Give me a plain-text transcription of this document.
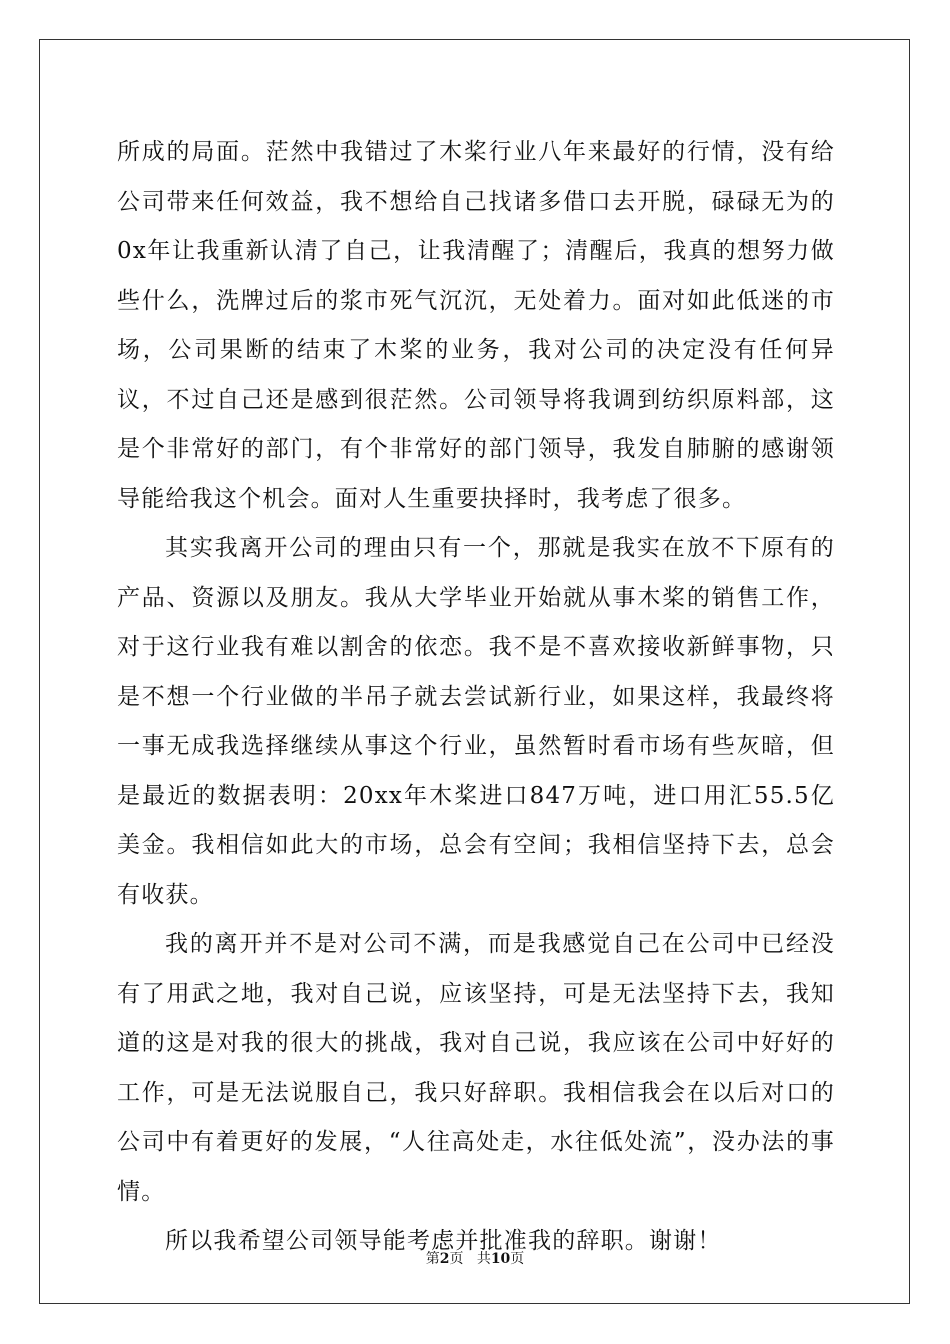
所成的局面。茫然中我错过了木桨行业八年来最好的行情，没有给公司带来任何效益，我不想给自己找诸多借口去开脱，碌碌无为的0x年让我重新认清了自己，让我清醒了；清醒后，我真的想努力做些什么，洗牌过后的浆市死气沉沉，无处着力。面对如此低迷的市场，公司果断的结束了木桨的业务，我对公司的决定没有任何异议，不过自己还是感到很茫然。公司领导将我调到纺织原料部，这是个非常好的部门，有个非常好的部门领导，我发自肺腑的感谢领导能给我这个机会。面对人生重要抉择时，我考虑了很多。

其实我离开公司的理由只有一个，那就是我实在放不下原有的产品、资源以及朋友。我从大学毕业开始就从事木桨的销售工作，对于这行业我有难以割舍的依恋。我不是不喜欢接收新鲜事物，只是不想一个行业做的半吊子就去尝试新行业，如果这样，我最终将一事无成我选择继续从事这个行业，虽然暂时看市场有些灰暗，但是最近的数据表明：20xx年木桨进口847万吨，进口用汇55.5亿美金。我相信如此大的市场，总会有空间；我相信坚持下去，总会有收获。

我的离开并不是对公司不满，而是我感觉自己在公司中已经没有了用武之地，我对自己说，应该坚持，可是无法坚持下去，我知道的这是对我的很大的挑战，我对自己说，我应该在公司中好好的工作，可是无法说服自己，我只好辞职。我相信我会在以后对口的公司中有着更好的发展，“人往高处走，水往低处流”，没办法的事情。

所以我希望公司领导能考虑并批准我的辞职。谢谢！

第2页 共10页
